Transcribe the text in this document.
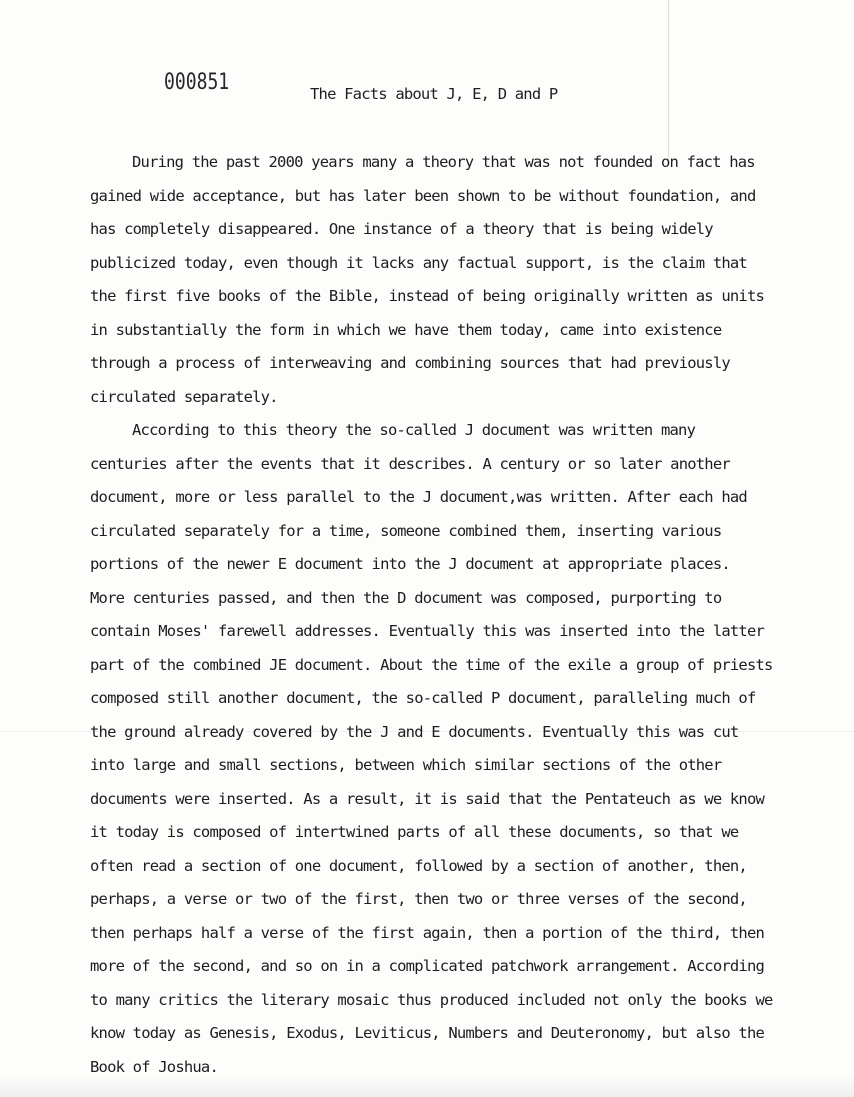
000851	The Facts about J, E, D and P
During the past 2000 years many a theory that was not founded on fact has
gained wide acceptance, but has later been shown to be without foundation, and
has completely disappeared. One instance of a theory that is being widely
publicized today, even though it lacks any factual support, is the claim that
the first five books of the Bible, instead of being originally written as units
in substantially the form in which we have them today, came into existence
through a process of interweaving and combining sources that had previously
circulated separately.
According to this theory the so-called J document was written many
centuries after the events that it describes. A century or so later another
document, more or less parallel to the J document,was written. After each had
circulated separately for a time, someone combined them, inserting various
portions of the newer E document into the J document at appropriate places.
More centuries passed, and then the D document was composed, purporting to
contain Moses' farewell addresses. Eventually this was inserted into the latter
part of the combined JE document. About the time of the exile a group of priests
composed still another document, the so-called P document, paralleling much of
the ground already covered by the J and E documents. Eventually this was cut
into large and small sections, between which similar sections of the other
documents were inserted. As a result, it is said that the Pentateuch as we know
it today is composed of intertwined parts of all these documents, so that we
often read a section of one document, followed by a section of another, then,
perhaps, a verse or two of the first, then two or three verses of the second,
then perhaps half a verse of the first again, then a portion of the third, then
more of the second, and so on in a complicated patchwork arrangement. According
to many critics the literary mosaic thus produced included not only the books we
know today as Genesis, Exodus, Leviticus, Numbers and Deuteronomy, but also the
Book of Joshua.
